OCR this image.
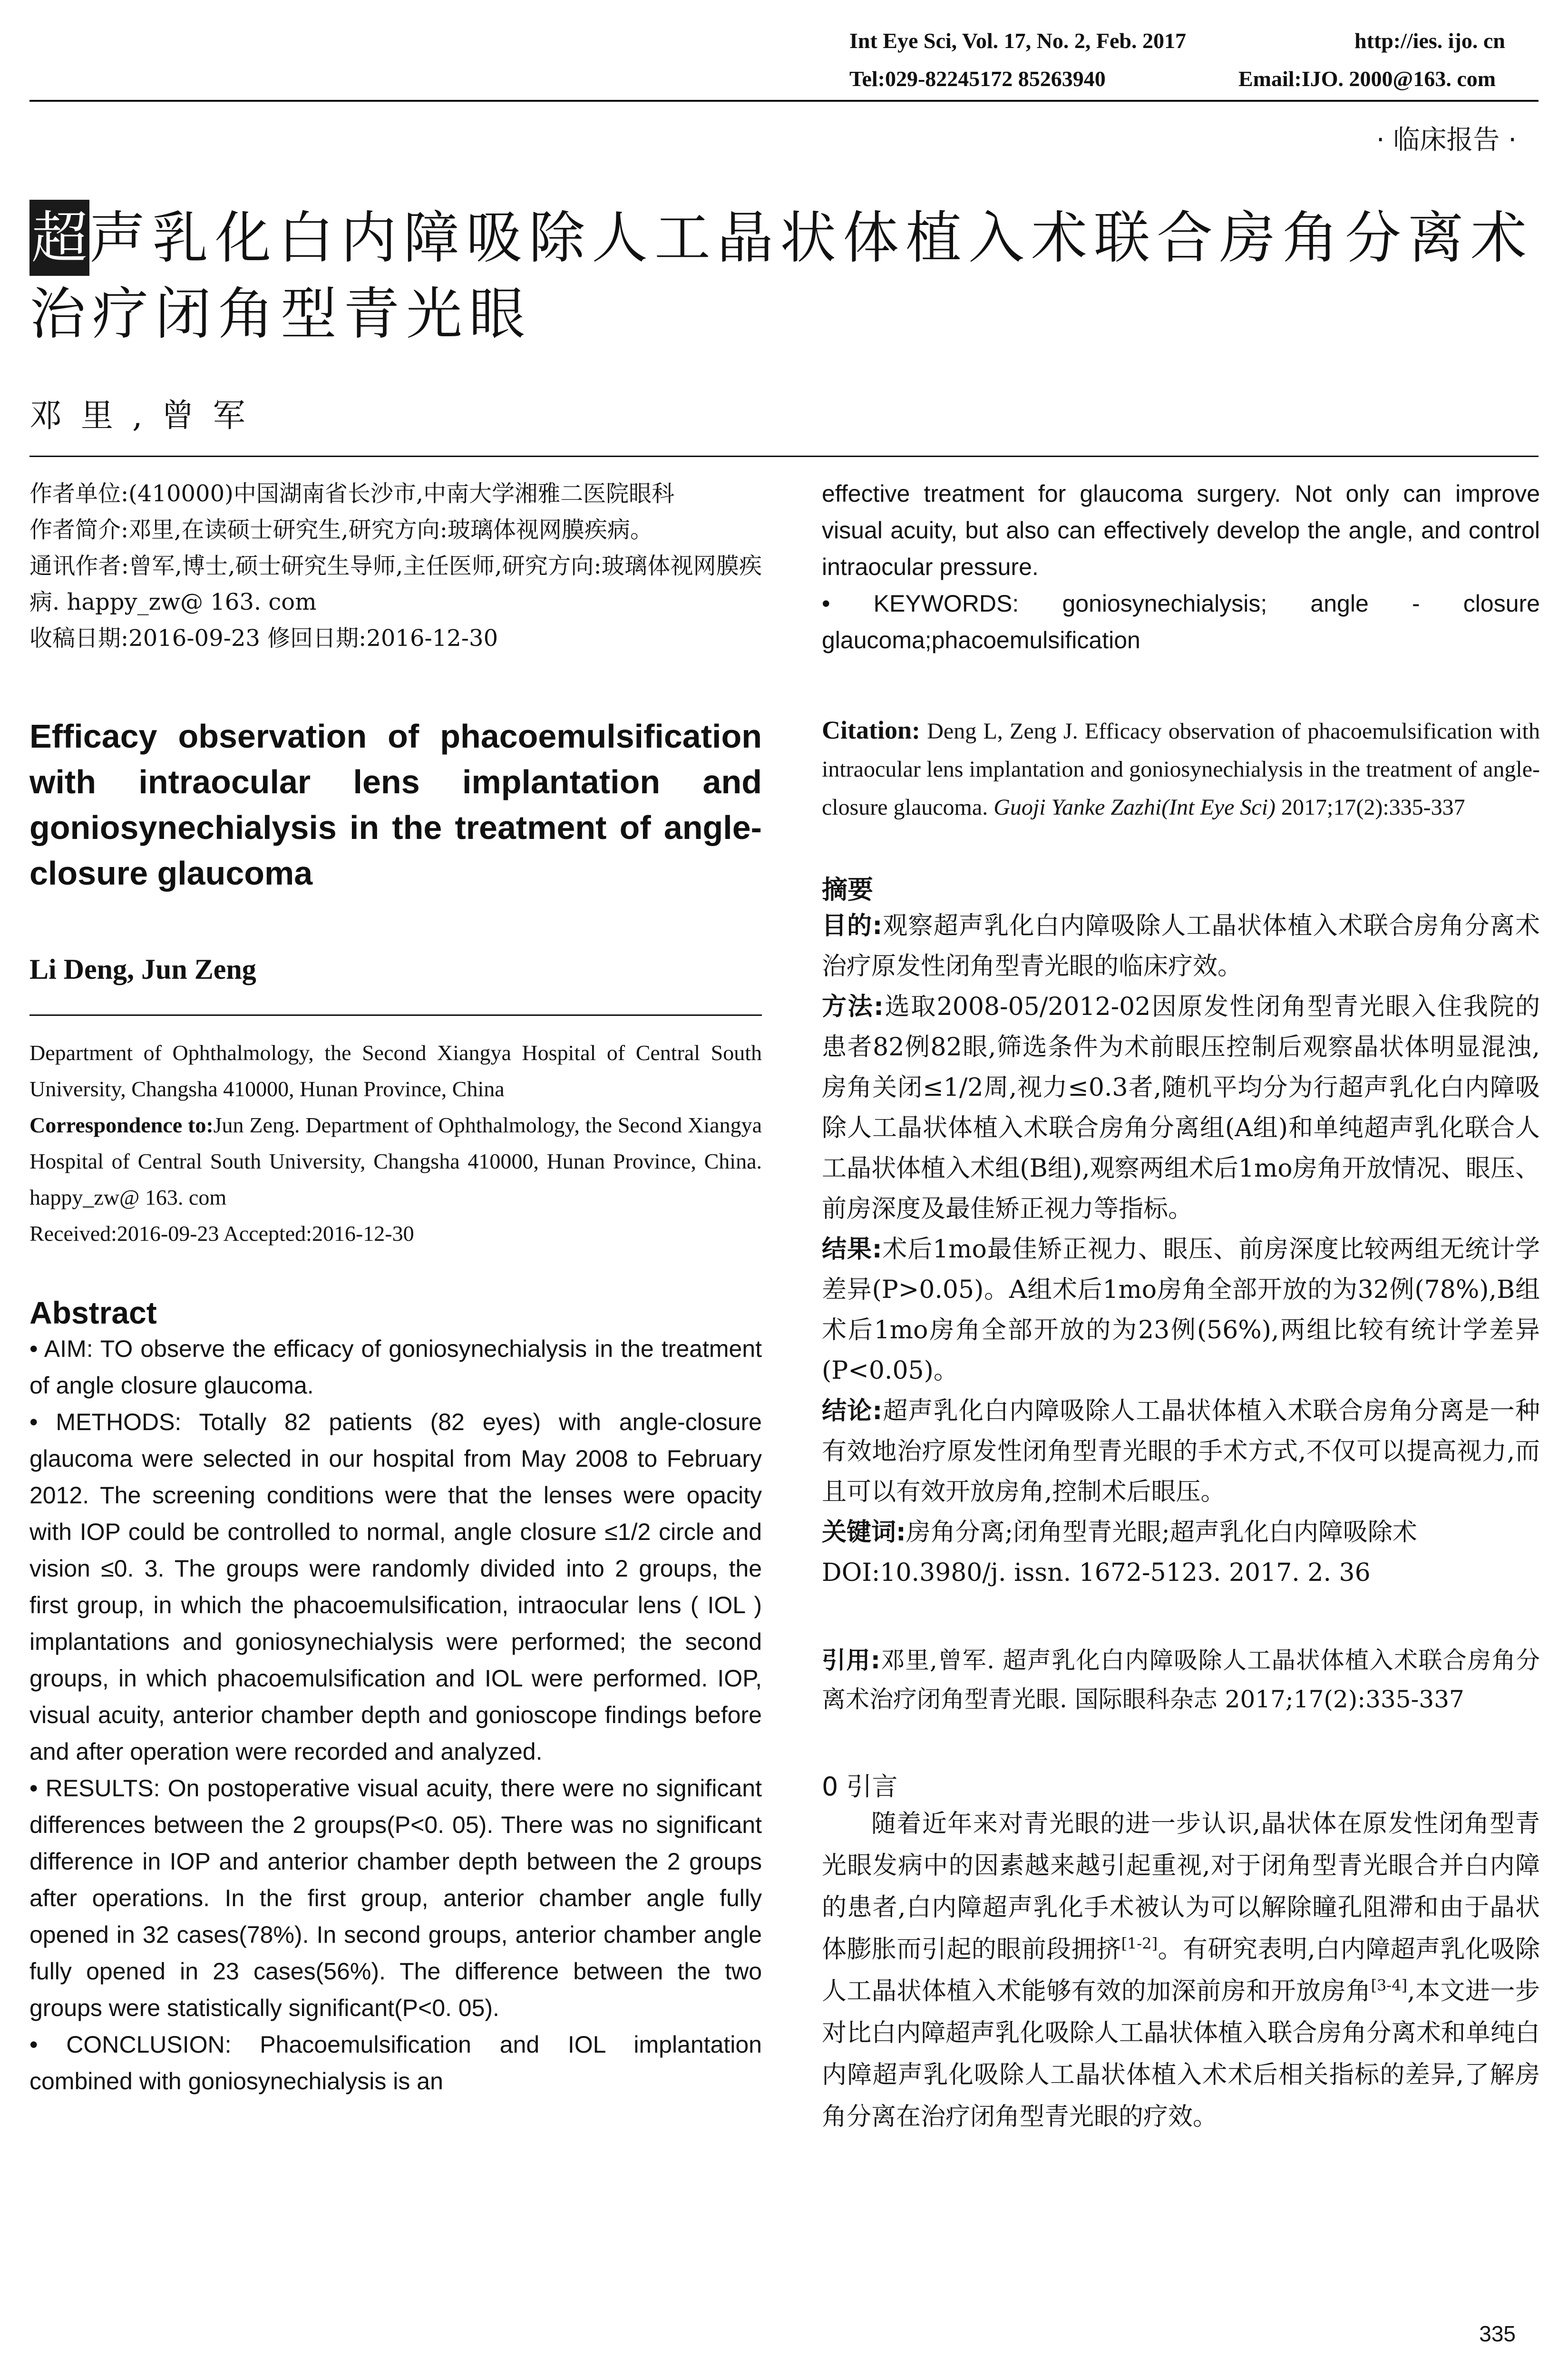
Int Eye Sci, Vol. 17, No. 2, Feb. 2017	http://ies. ijo. cn
Tel:029-82245172 85263940	Email:IJO. 2000@163. com
· 临床报告 ·
超声乳化白内障吸除人工晶状体植入术联合房角分离术治疗闭角型青光眼
邓里,曾军
作者单位:(410000)中国湖南省长沙市,中南大学湘雅二医院眼科
作者简介:邓里,在读硕士研究生,研究方向:玻璃体视网膜疾病。
通讯作者:曾军,博士,硕士研究生导师,主任医师,研究方向:玻璃体视网膜疾病. happy_zw@ 163. com
收稿日期:2016-09-23 修回日期:2016-12-30
Efficacy observation of phacoemulsification with intraocular lens implantation and goniosynechialysis in the treatment of angle-closure glaucoma
Li Deng, Jun Zeng
Department of Ophthalmology, the Second Xiangya Hospital of Central South University, Changsha 410000, Hunan Province, China
Correspondence to:Jun Zeng. Department of Ophthalmology, the Second Xiangya Hospital of Central South University, Changsha 410000, Hunan Province, China. happy_zw@ 163. com
Received:2016-09-23 Accepted:2016-12-30
Abstract

• AIM: TO observe the efficacy of goniosynechialysis in the treatment of angle closure glaucoma.

• METHODS: Totally 82 patients (82 eyes) with angle-closure glaucoma were selected in our hospital from May 2008 to February 2012. The screening conditions were that the lenses were opacity with IOP could be controlled to normal, angle closure ≤1/2 circle and vision ≤0. 3. The groups were randomly divided into 2 groups, the first group, in which the phacoemulsification, intraocular lens ( IOL ) implantations and goniosynechialysis were performed; the second groups, in which phacoemulsification and IOL were performed. IOP, visual acuity, anterior chamber depth and gonioscope findings before and after operation were recorded and analyzed.

• RESULTS: On postoperative visual acuity, there were no significant differences between the 2 groups(P<0. 05). There was no significant difference in IOP and anterior chamber depth between the 2 groups after operations. In the first group, anterior chamber angle fully opened in 32 cases(78%). In second groups, anterior chamber angle fully opened in 23 cases(56%). The difference between the two groups were statistically significant(P<0. 05).

• CONCLUSION: Phacoemulsification and IOL implantation combined with goniosynechialysis is an

effective treatment for glaucoma surgery. Not only can improve visual acuity, but also can effectively develop the angle, and control intraocular pressure.

• KEYWORDS: goniosynechialysis; angle - closure glaucoma;phacoemulsification

Citation: Deng L, Zeng J. Efficacy observation of phacoemulsification with intraocular lens implantation and goniosynechialysis in the treatment of angle-closure glaucoma. Guoji Yanke Zazhi(Int Eye Sci) 2017;17(2):335-337
摘要

目的:观察超声乳化白内障吸除人工晶状体植入术联合房角分离术治疗原发性闭角型青光眼的临床疗效。

方法:选取2008-05/2012-02因原发性闭角型青光眼入住我院的患者82例82眼,筛选条件为术前眼压控制后观察晶状体明显混浊,房角关闭≤1/2周,视力≤0.3者,随机平均分为行超声乳化白内障吸除人工晶状体植入术联合房角分离组(A组)和单纯超声乳化联合人工晶状体植入术组(B组),观察两组术后1mo房角开放情况、眼压、前房深度及最佳矫正视力等指标。

结果:术后1mo最佳矫正视力、眼压、前房深度比较两组无统计学差异(P>0.05)。A组术后1mo房角全部开放的为32例(78%),B组术后1mo房角全部开放的为23例(56%),两组比较有统计学差异(P<0.05)。

结论:超声乳化白内障吸除人工晶状体植入术联合房角分离是一种有效地治疗原发性闭角型青光眼的手术方式,不仅可以提高视力,而且可以有效开放房角,控制术后眼压。

关键词:房角分离;闭角型青光眼;超声乳化白内障吸除术

DOI:10.3980/j. issn. 1672-5123. 2017. 2. 36

引用:邓里,曾军. 超声乳化白内障吸除人工晶状体植入术联合房角分离术治疗闭角型青光眼. 国际眼科杂志 2017;17(2):335-337
0 引言
随着近年来对青光眼的进一步认识,晶状体在原发性闭角型青光眼发病中的因素越来越引起重视,对于闭角型青光眼合并白内障的患者,白内障超声乳化手术被认为可以解除瞳孔阻滞和由于晶状体膨胀而引起的眼前段拥挤[1-2]。有研究表明,白内障超声乳化吸除人工晶状体植入术能够有效的加深前房和开放房角[3-4],本文进一步对比白内障超声乳化吸除人工晶状体植入联合房角分离术和单纯白内障超声乳化吸除人工晶状体植入术术后相关指标的差异,了解房角分离在治疗闭角型青光眼的疗效。
335
